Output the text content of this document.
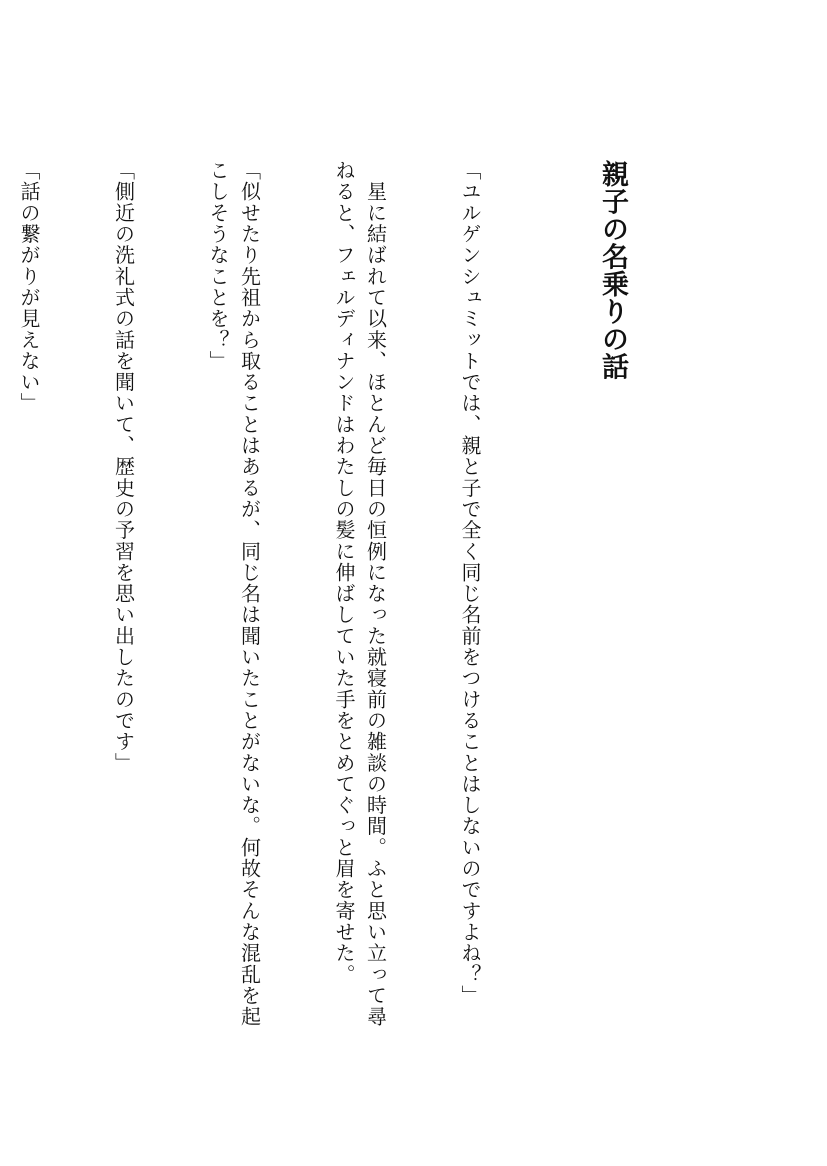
親子の名乗りの話

「ユルゲンシュミットでは、親と子で全く同じ名前をつけることはしないのですよね？」

　星に結ばれて以来、ほとんど毎日の恒例になった就寝前の雑談の時間。ふと思い立って尋ねると、フェルディナンドはわたしの髪に伸ばしていた手をとめてぐっと眉を寄せた。

「似せたり先祖から取ることはあるが、同じ名は聞いたことがないな。何故そんな混乱を起こしそうなことを？」

「側近の洗礼式の話を聞いて、歴史の予習を思い出したのです」

「話の繋がりが見えない」
